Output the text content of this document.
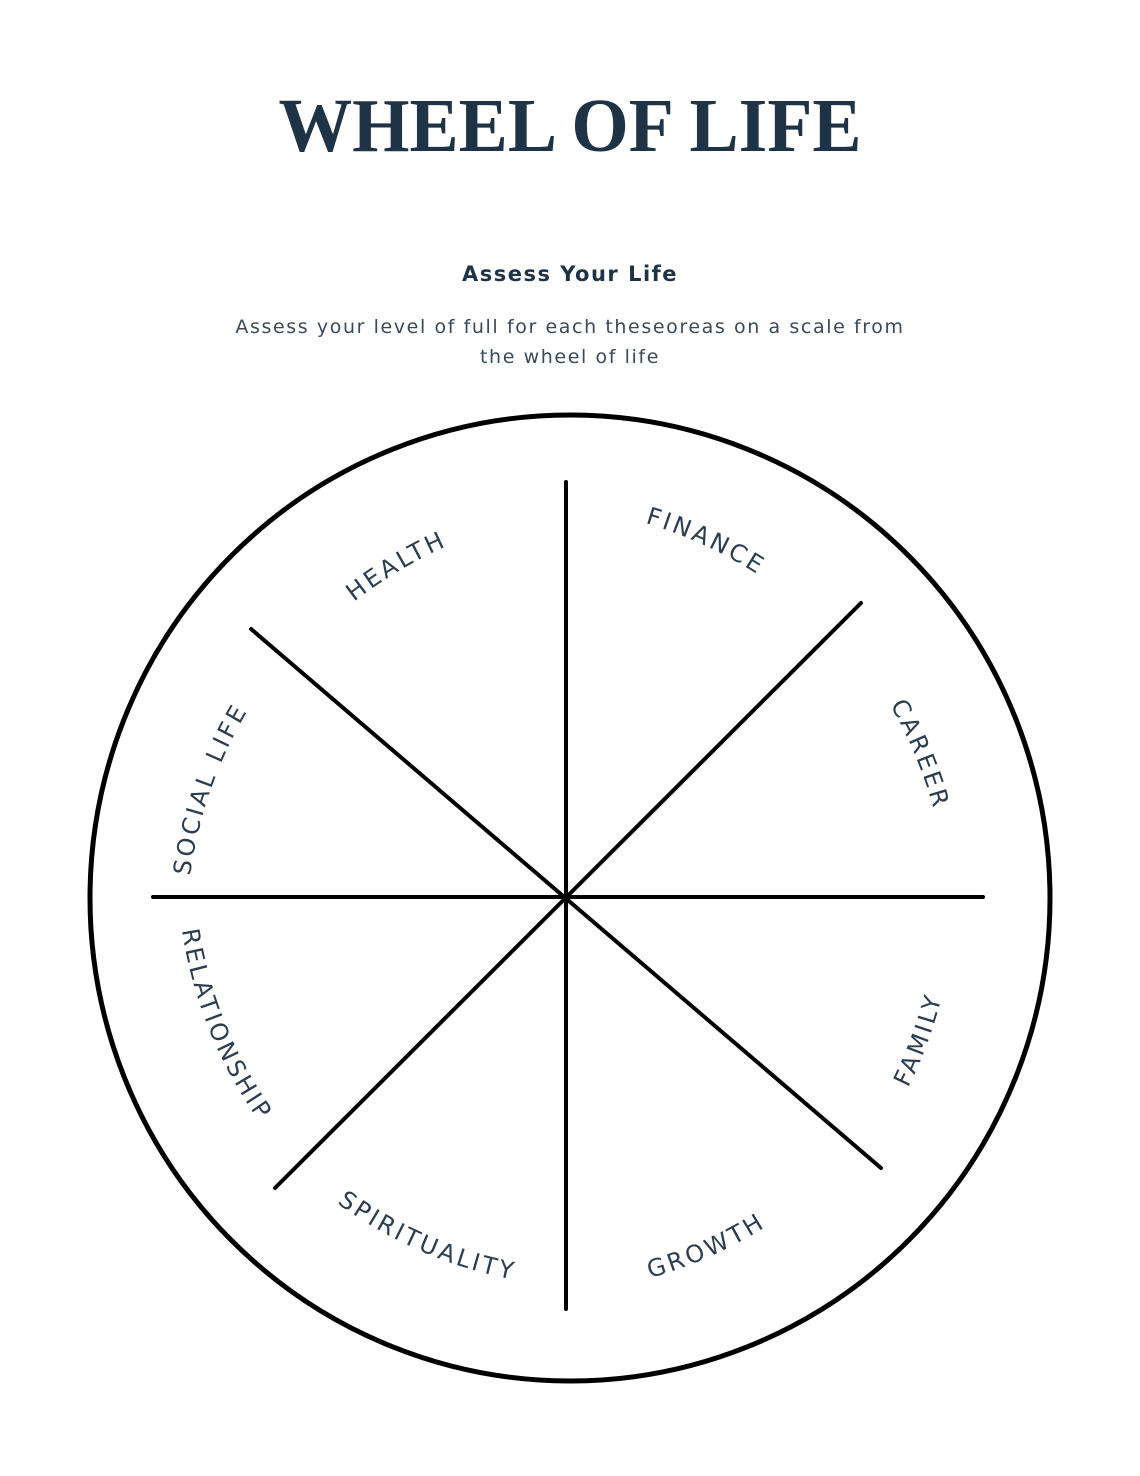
WHEEL OF LIFE
Assess Your Life

Assess your level of full for each theseoreas on a scale from
the wheel of life

FINANCE
CAREER
FAMILY
GROWTH
SPIRITUALITY
RELATIONSHIP
SOCIAL LIFE
HEALTH
